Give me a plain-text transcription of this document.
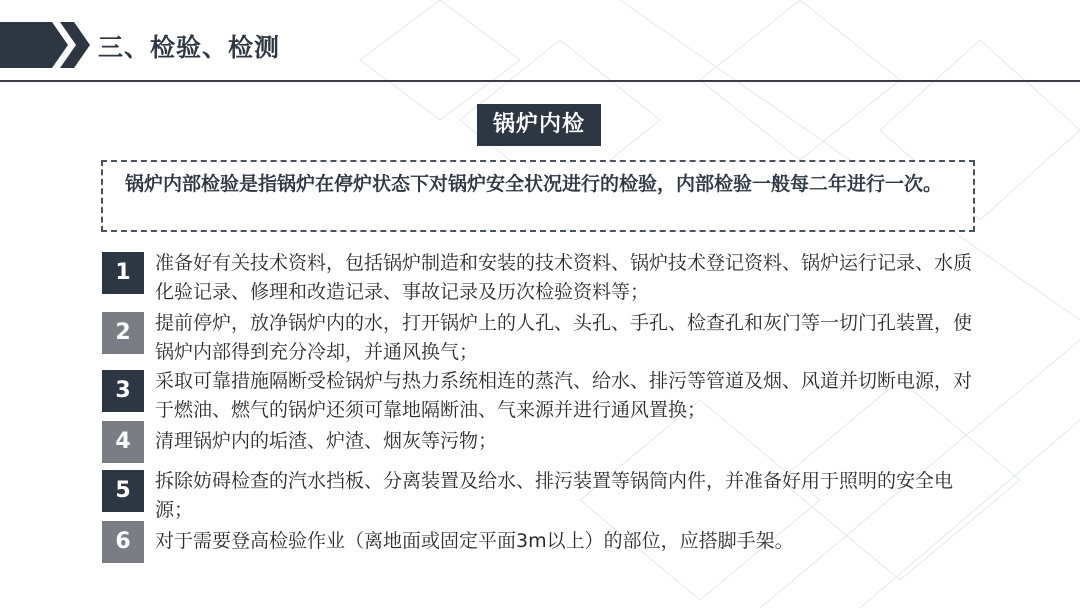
三、检验、检测
锅炉内检
锅炉内部检验是指锅炉在停炉状态下对锅炉安全状况进行的检验，内部检验一般每二年进行一次。
1	准备好有关技术资料，包括锅炉制造和安装的技术资料、锅炉技术登记资料、锅炉运行记录、水质化验记录、修理和改造记录、事故记录及历次检验资料等；
2	提前停炉，放净锅炉内的水，打开锅炉上的人孔、头孔、手孔、检查孔和灰门等一切门孔装置，使锅炉内部得到充分冷却，并通风换气；
3	采取可靠措施隔断受检锅炉与热力系统相连的蒸汽、给水、排污等管道及烟、风道并切断电源，对于燃油、燃气的锅炉还须可靠地隔断油、气来源并进行通风置换；
4	清理锅炉内的垢渣、炉渣、烟灰等污物；
5	拆除妨碍检查的汽水挡板、分离装置及给水、排污装置等锅筒内件，并准备好用于照明的安全电源；
6	对于需要登高检验作业（离地面或固定平面3m以上）的部位，应搭脚手架。
